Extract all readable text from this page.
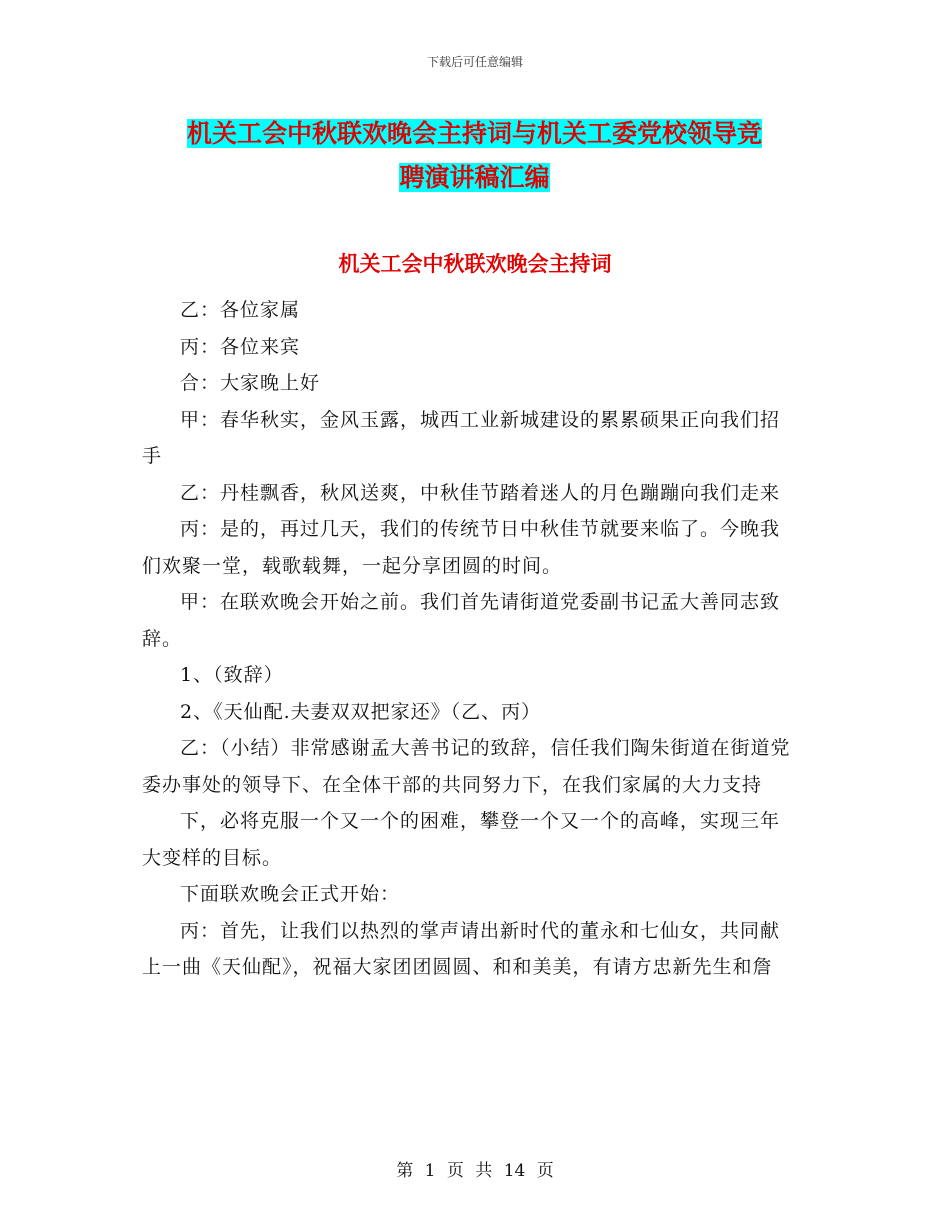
下载后可任意编辑
机关工会中秋联欢晚会主持词与机关工委党校领导竞
聘演讲稿汇编
机关工会中秋联欢晚会主持词

乙：各位家属

丙：各位来宾

合：大家晚上好

甲：春华秋实，金风玉露，城西工业新城建设的累累硕果正向我们招手

乙：丹桂飘香，秋风送爽，中秋佳节踏着迷人的月色蹦蹦向我们走来

丙：是的，再过几天，我们的传统节日中秋佳节就要来临了。今晚我们欢聚一堂，载歌载舞，一起分享团圆的时间。

甲：在联欢晚会开始之前。我们首先请街道党委副书记孟大善同志致辞。

1、（致辞）

2、《天仙配.夫妻双双把家还》（乙、丙）

乙：（小结）非常感谢孟大善书记的致辞，信任我们陶朱街道在街道党委办事处的领导下、在全体干部的共同努力下，在我们家属的大力支持

下，必将克服一个又一个的困难，攀登一个又一个的高峰，实现三年大变样的目标。

下面联欢晚会正式开始：

丙：首先，让我们以热烈的掌声请出新时代的董永和七仙女，共同献上一曲《天仙配》，祝福大家团团圆圆、和和美美，有请方忠新先生和詹

第 1 页 共 14 页
